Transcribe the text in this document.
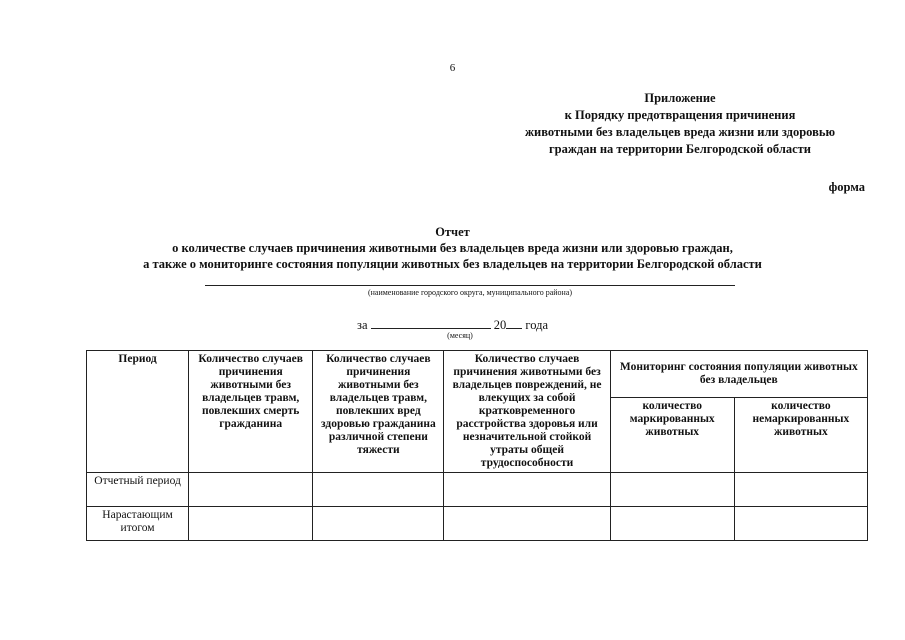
6
Приложение
к Порядку предотвращения причинения
животными без владельцев вреда жизни или здоровью
граждан на территории Белгородской области
форма
Отчет
о количестве случаев причинения животными без владельцев вреда жизни или здоровью граждан,
а также о мониторинге состояния популяции животных без владельцев на территории Белгородской области
(наименование городского округа, муниципального района)
за	20 года
(месяц)
Период	Количество случаев причинения животными без владельцев травм, повлекших смерть гражданина	Количество случаев причинения животными без владельцев травм, повлекших вред здоровью гражданина различной степени тяжести	Количество случаев причинения животными без владельцев повреждений, не влекущих за собой кратковременного расстройства здоровья или незначительной стойкой утраты общей трудоспособности	Мониторинг состояния популяции животных без владельцев	
				количество маркированных животных	количество немаркированных животных
Отчетный период					
Нарастающим итогом					
